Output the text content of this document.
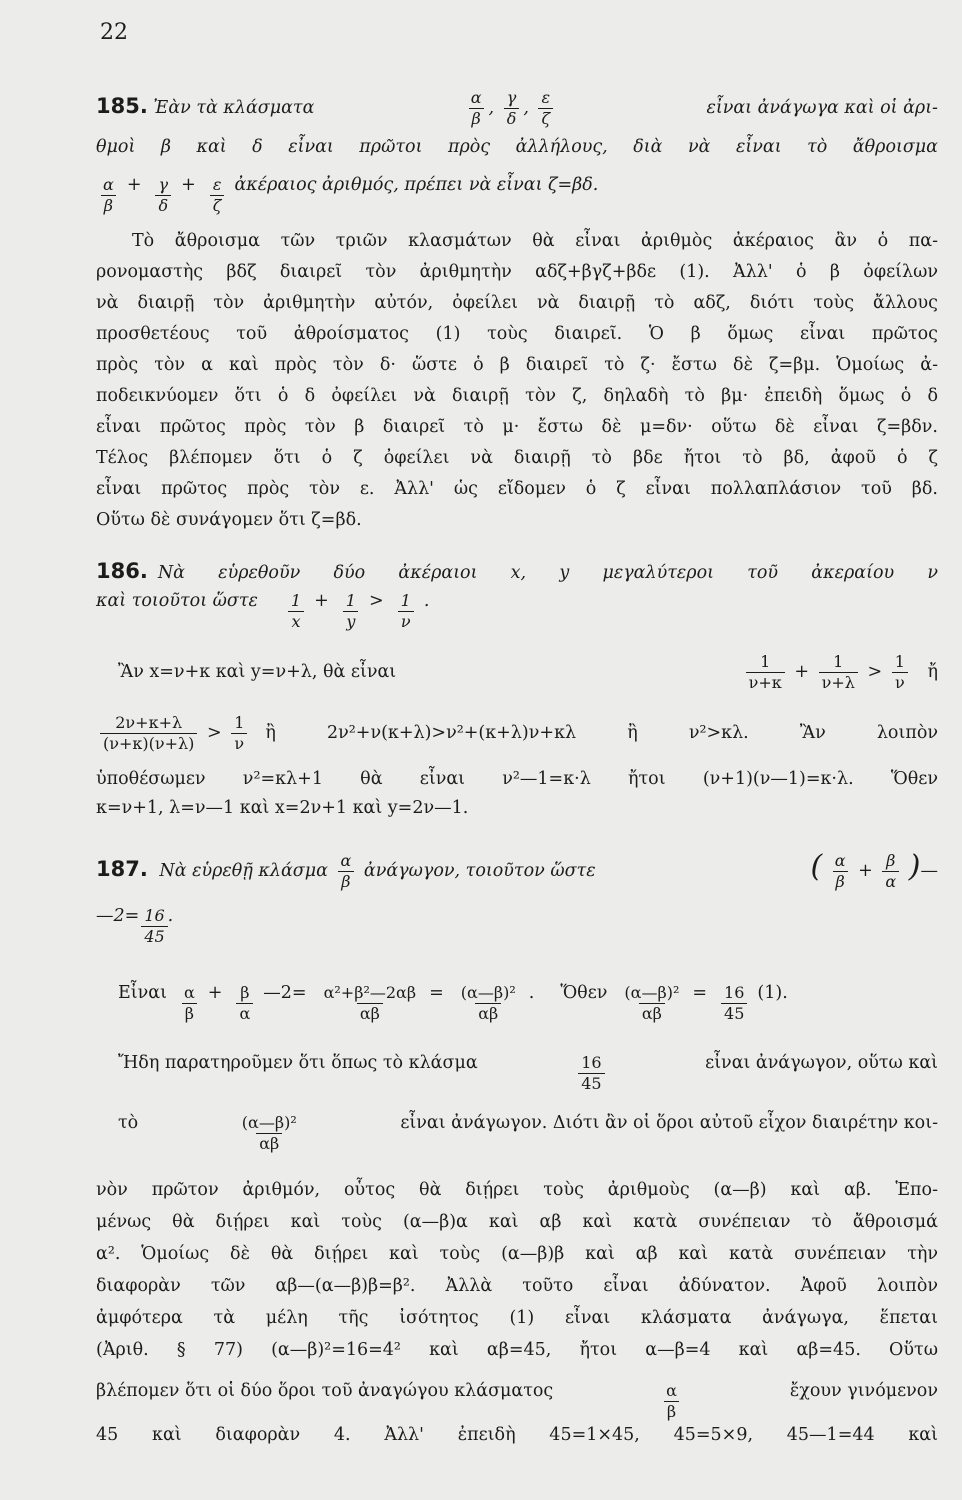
22
185. Ἐὰν τὰ κλάσματα	$\frac{\alpha}{\beta}$ , $\frac{\gamma}{\delta}$ , $\frac{\varepsilon}{\zeta}$	εἶναι ἀνάγωγα καὶ οἱ ἀρι-
θμοὶ β καὶ δ εἶναι πρῶτοι πρὸς ἀλλήλους, διὰ νὰ εἶναι τὸ ἄθροισμα
$\frac{\alpha}{\beta} + \frac{\gamma}{\delta} + \frac{\varepsilon}{\zeta}$ ἀκέραιος ἀριθμός, πρέπει νὰ εἶναι ζ=βδ.
Τὸ ἄθροισμα τῶν τριῶν κλασμάτων θὰ εἶναι ἀριθμὸς ἀκέραιος ἂν ὁ πα-
ρονομαστὴς βδζ διαιρεῖ τὸν ἀριθμητὴν αδζ+βγζ+βδε (1). Ἀλλ' ὁ β ὀφείλων
νὰ διαιρῇ τὸν ἀριθμητὴν αὐτόν, ὀφείλει νὰ διαιρῇ τὸ αδζ, διότι τοὺς ἄλλους
προσθετέους τοῦ ἀθροίσματος (1) τοὺς διαιρεῖ. Ὁ β ὅμως εἶναι πρῶτος
πρὸς τὸν α καὶ πρὸς τὸν δ· ὥστε ὁ β διαιρεῖ τὸ ζ· ἔστω δὲ ζ=βμ. Ὁμοίως ἀ-
ποδεικνύομεν ὅτι ὁ δ ὀφείλει νὰ διαιρῇ τὸν ζ, δηλαδὴ τὸ βμ· ἐπειδὴ ὅμως ὁ δ
εἶναι πρῶτος πρὸς τὸν β διαιρεῖ τὸ μ· ἔστω δὲ μ=δν· οὕτω δὲ εἶναι ζ=βδν.
Τέλος βλέπομεν ὅτι ὁ ζ ὀφείλει νὰ διαιρῇ τὸ βδε ἤτοι τὸ βδ, ἀφοῦ ὁ ζ
εἶναι πρῶτος πρὸς τὸν ε. Ἀλλ' ὡς εἴδομεν ὁ ζ εἶναι πολλαπλάσιον τοῦ βδ.
Οὕτω δὲ συνάγομεν ὅτι ζ=βδ.
186. Νὰ εὑρεθοῦν δύο ἀκέραιοι x, y μεγαλύτεροι τοῦ ἀκεραίου ν
καὶ τοιοῦτοι ὥστε $\frac{1}{x} + \frac{1}{y} > \frac{1}{\nu}$ .
Ἂν x=ν+κ καὶ y=ν+λ, θὰ εἶναι	$\frac{1}{\nu+\kappa} + \frac{1}{\nu+\lambda} > \frac{1}{\nu}$ ἤ
$\frac{2\nu+\kappa+\lambda}{(\nu+\kappa)(\nu+\lambda)} > \frac{1}{\nu}$ ἢ 2ν²+ν(κ+λ)>ν²+(κ+λ)ν+κλ ἢ ν²>κλ. Ἂν λοιπὸν
ὑποθέσωμεν ν²=κλ+1 θὰ εἶναι ν²—1=κ·λ ἤτοι (ν+1)(ν—1)=κ·λ. Ὅθεν
κ=ν+1, λ=ν—1 καὶ x=2ν+1 καὶ y=2ν—1.
187. Νὰ εὑρεθῇ κλάσμα $\frac{\alpha}{\beta}$ ἀνάγωγον, τοιοῦτον ὥστε	( $\frac{\alpha}{\beta} + \frac{\beta}{\alpha}$ )—
—2= $\frac{16}{45}$ .
Εἶναι $\frac{\alpha}{\beta} + \frac{\beta}{\alpha}$ —2= $\frac{\text{α²+β²—2αβ}}{\alpha\beta} = \frac{\text{(α—β)²}}{\alpha\beta}$ . Ὅθεν $\frac{\text{(α—β)²}}{\alpha\beta} = \frac{16}{45} (1)$.
Ἤδη παρατηροῦμεν ὅτι ὅπως τὸ κλάσμα	$\frac{16}{45}$	εἶναι ἀνάγωγον, οὕτω καὶ
τὸ	$\frac{\text{(α—β)²}}{\alpha\beta}$	εἶναι ἀνάγωγον. Διότι ἂν οἱ ὅροι αὐτοῦ εἶχον διαιρέτην κοι-
νὸν πρῶτον ἀριθμόν, οὗτος θὰ διῄρει τοὺς ἀριθμοὺς (α—β) καὶ αβ. Ἑπο-
μένως θὰ διῄρει καὶ τοὺς (α—β)α καὶ αβ καὶ κατὰ συνέπειαν τὸ ἄθροισμά
α². Ὁμοίως δὲ θὰ διῄρει καὶ τοὺς (α—β)β καὶ αβ καὶ κατὰ συνέπειαν τὴν
διαφορὰν τῶν αβ—(α—β)β=β². Ἀλλὰ τοῦτο εἶναι ἀδύνατον. Ἀφοῦ λοιπὸν
ἀμφότερα τὰ μέλη τῆς ἰσότητος (1) εἶναι κλάσματα ἀνάγωγα, ἕπεται
(Ἀριθ. § 77) (α—β)²=16=4² καὶ αβ=45, ἤτοι α—β=4 καὶ αβ=45. Οὕτω
βλέπομεν ὅτι οἱ δύο ὅροι τοῦ ἀναγώγου κλάσματος	$\frac{\alpha}{\beta}$	ἔχουν γινόμενον
45 καὶ διαφορὰν 4. Ἀλλ' ἐπειδὴ 45=1×45, 45=5×9, 45—1=44 καὶ
